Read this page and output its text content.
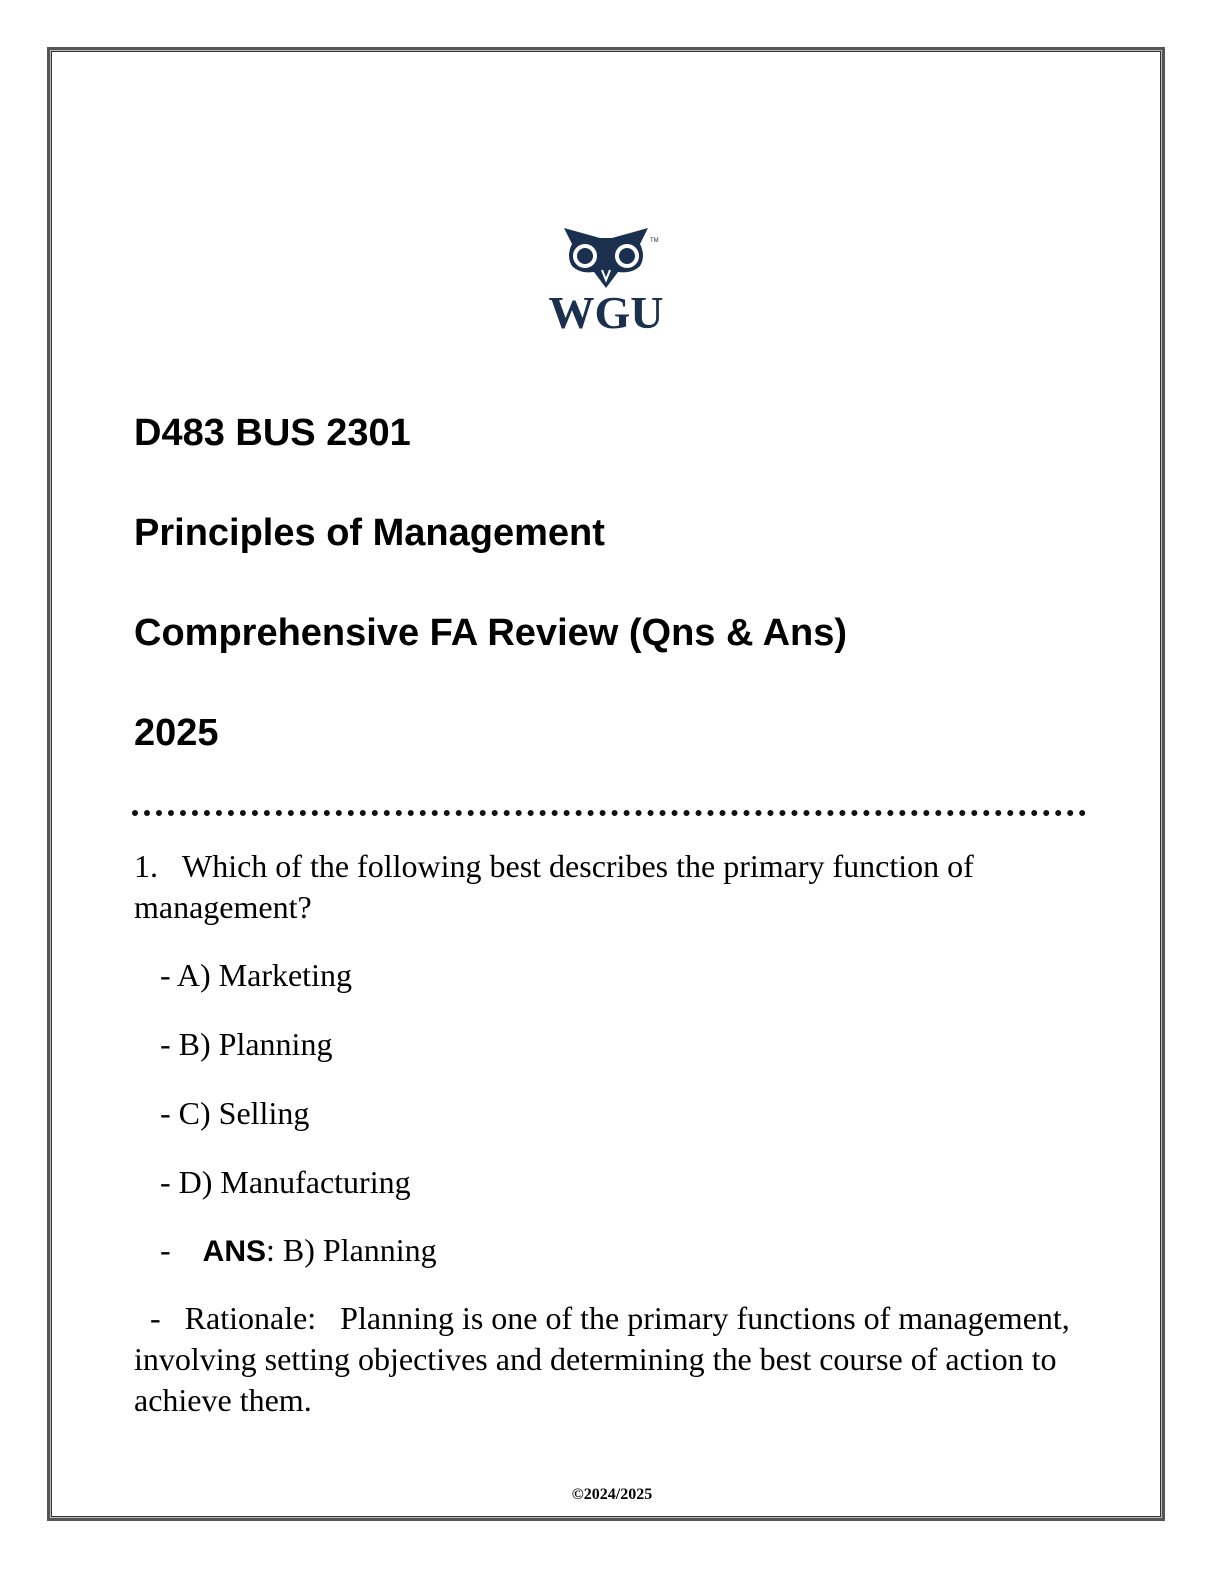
WGU
TM
D483 BUS 2301
Principles of Management
Comprehensive FA Review (Qns & Ans)
2025
1. Which of the following best describes the primary function of management?
- A) Marketing
- B) Planning
- C) Selling
- D) Manufacturing
- ANS: B) Planning
- Rationale: Planning is one of the primary functions of management, involving setting objectives and determining the best course of action to achieve them.
©2024/2025
